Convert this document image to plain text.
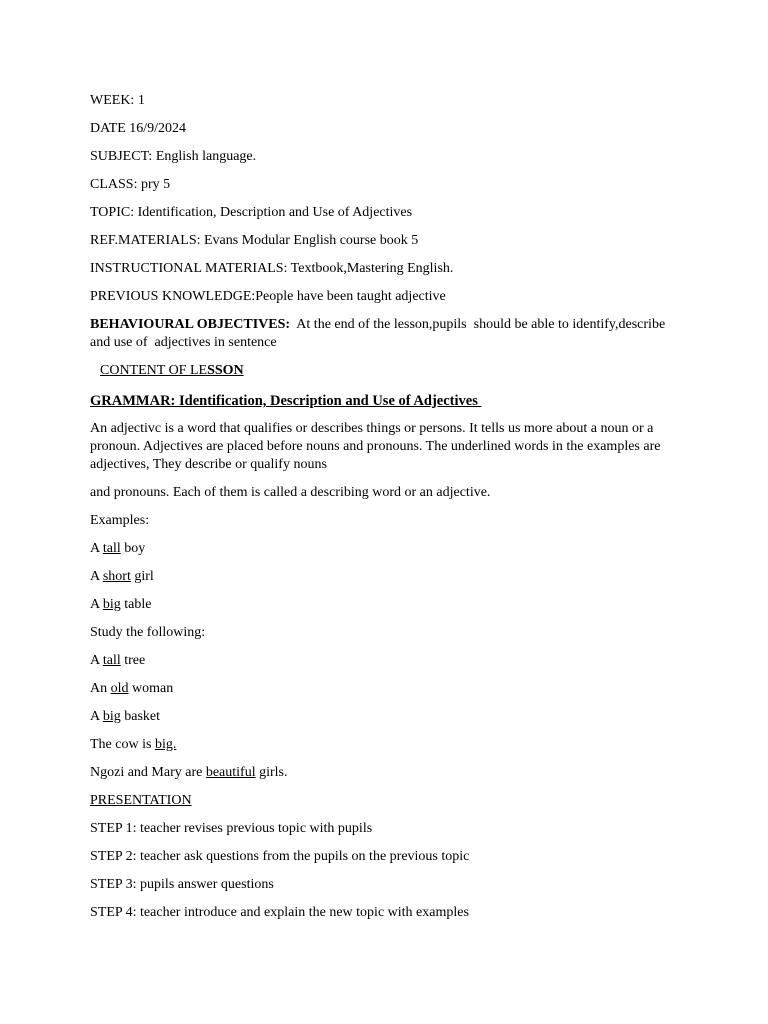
WEEK: 1
DATE 16/9/2024
SUBJECT: English language.
CLASS: pry 5
TOPIC: Identification, Description and Use of Adjectives
REF.MATERIALS: Evans Modular English course book 5
INSTRUCTIONAL MATERIALS: Textbook,Mastering English.
PREVIOUS KNOWLEDGE:People have been taught adjective
BEHAVIOURAL OBJECTIVES:  At the end of the lesson,pupils  should be able to identify,describe and use of  adjectives in sentence
CONTENT OF LESSON
GRAMMAR: Identification, Description and Use of Adjectives
An adjectivc is a word that qualifies or describes things or persons. It tells us more about a noun or a pronoun. Adjectives are placed before nouns and pronouns. The underlined words in the examples are adjectives, They describe or qualify nouns
and pronouns. Each of them is called a describing word or an adjective.
Examples:
A tall boy
A short girl
A big table
Study the following:
A tall tree
An old woman
A big basket
The cow is big.
Ngozi and Mary are beautiful girls.
PRESENTATION
STEP 1: teacher revises previous topic with pupils
STEP 2: teacher ask questions from the pupils on the previous topic
STEP 3: pupils answer questions
STEP 4: teacher introduce and explain the new topic with examples
